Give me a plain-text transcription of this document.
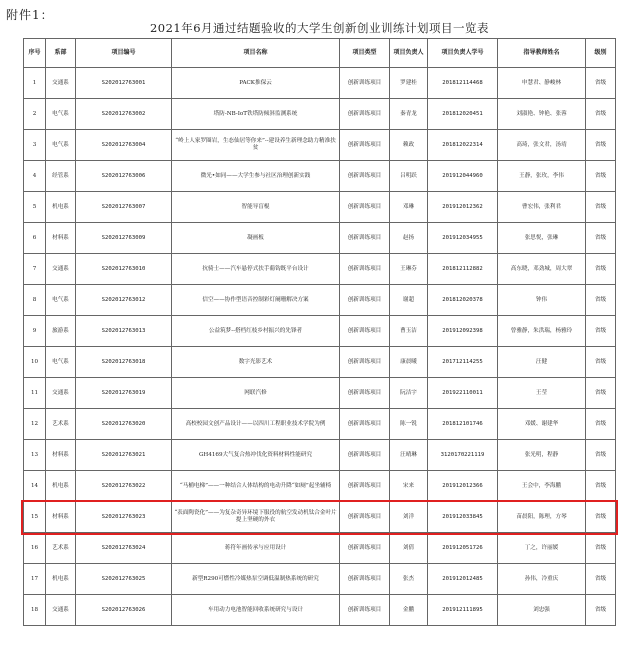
附件1：
2021年6月通过结题验收的大学生创新创业训练计划项目一览表
序号	系部	项目编号	项目名称	项目类型	项目负责人	项目负责人学号	指导教师姓名	级别
1	交通系	S202012763001	PACK推保云	创新训练项目	罗建桂	201812114468	申慧君、静峻林	省级
2	电气系	S202012763002	塔防-NB-IoT铁塔防倾斜监测系统	创新训练项目	秦青龙	201812020451	刘淑艳、钟艳、张蓉	省级
3	电气系	S202012763004	“岭上人家罗圈岩，生态仙居等你来”--建设养生新理念助力精准扶贫	创新训练项目	赖政	201812022314	高琦，张文君，汤靖	省级
4	经管系	S202012763006	微光•如同——大学生参与社区治理创新实践	创新训练项目	吕明跃	201912044960	王静，张玫，李伟	省级
5	机电系	S202012763007	智能导盲棍	创新训练项目	邓琳	201912012362	曹宏伟，张利君	省级
6	材料系	S202012763009	凝画板	创新训练项目	赵扬	201912034955	张思悦，张琳	省级
7	交通系	S202012763010	抗骑士——汽车悬停式扶手葡钩既平台设计	创新训练项目	王琳芬	201812112882	高东晓，邓劲城，周大翠	省级
8	电气系	S202012763012	信空——协作型语音控制彩灯阑珊解决方案	创新训练项目	谢超	201812020378	钟伟	省级
9	旅游系	S202012763013	公益筑梦--搭档红枝乡村振兴的先锋者	创新训练项目	曹玉洁	201912092398	曾雅静，朱洪瑞，杨雅玲	省级
10	电气系	S202012763018	数字光影艺术	创新训练项目	康晨曦	201712114255	汪健	省级
11	交通系	S202012763019	网联汽修	创新训练项目	阮洁宇	201922110011	王莹	省级
12	艺术系	S202012763020	高校校园文创产品设计——以四川工程职业技术学院为例	创新训练项目	陈一锐	201812101746	邓媛、谢建华	省级
13	材料系	S202012763021	GH4169大气复合热冲伐化资料材料性能研究	创新训练项目	汪晴琳	3120170221119	张光明，程静	省级
14	机电系	S202012763022	“马桶电梯”——一种结合人体结构的电动升降“如厕”起坐辅椅	创新训练项目	宋来	201912012366	王会中，李海鹏	省级
15	材料系	S202012763023	“表面陶瓷化”——为复杂奇异环境下服役的航空发动机钛合金叶片提上坚硬的外衣	创新训练项目	刘洋	201912033845	苗晨阳，陈理，方琴	省级
16	艺术系	S202012763024	蒋符年画传承与应用设计	创新训练项目	刘倩	201912051726	丁之，许丽媛	省级
17	机电系	S202012763025	新型R290可燃性冷媒热泵空调低温制热系统的研究	创新训练项目	张杰	201912012485	孙伟，冷重庆	省级
18	交通系	S202012763026	车用动力电池智能回收系统研究与设计	创新训练项目	金鹏	201912111895	刘忠强	省级
